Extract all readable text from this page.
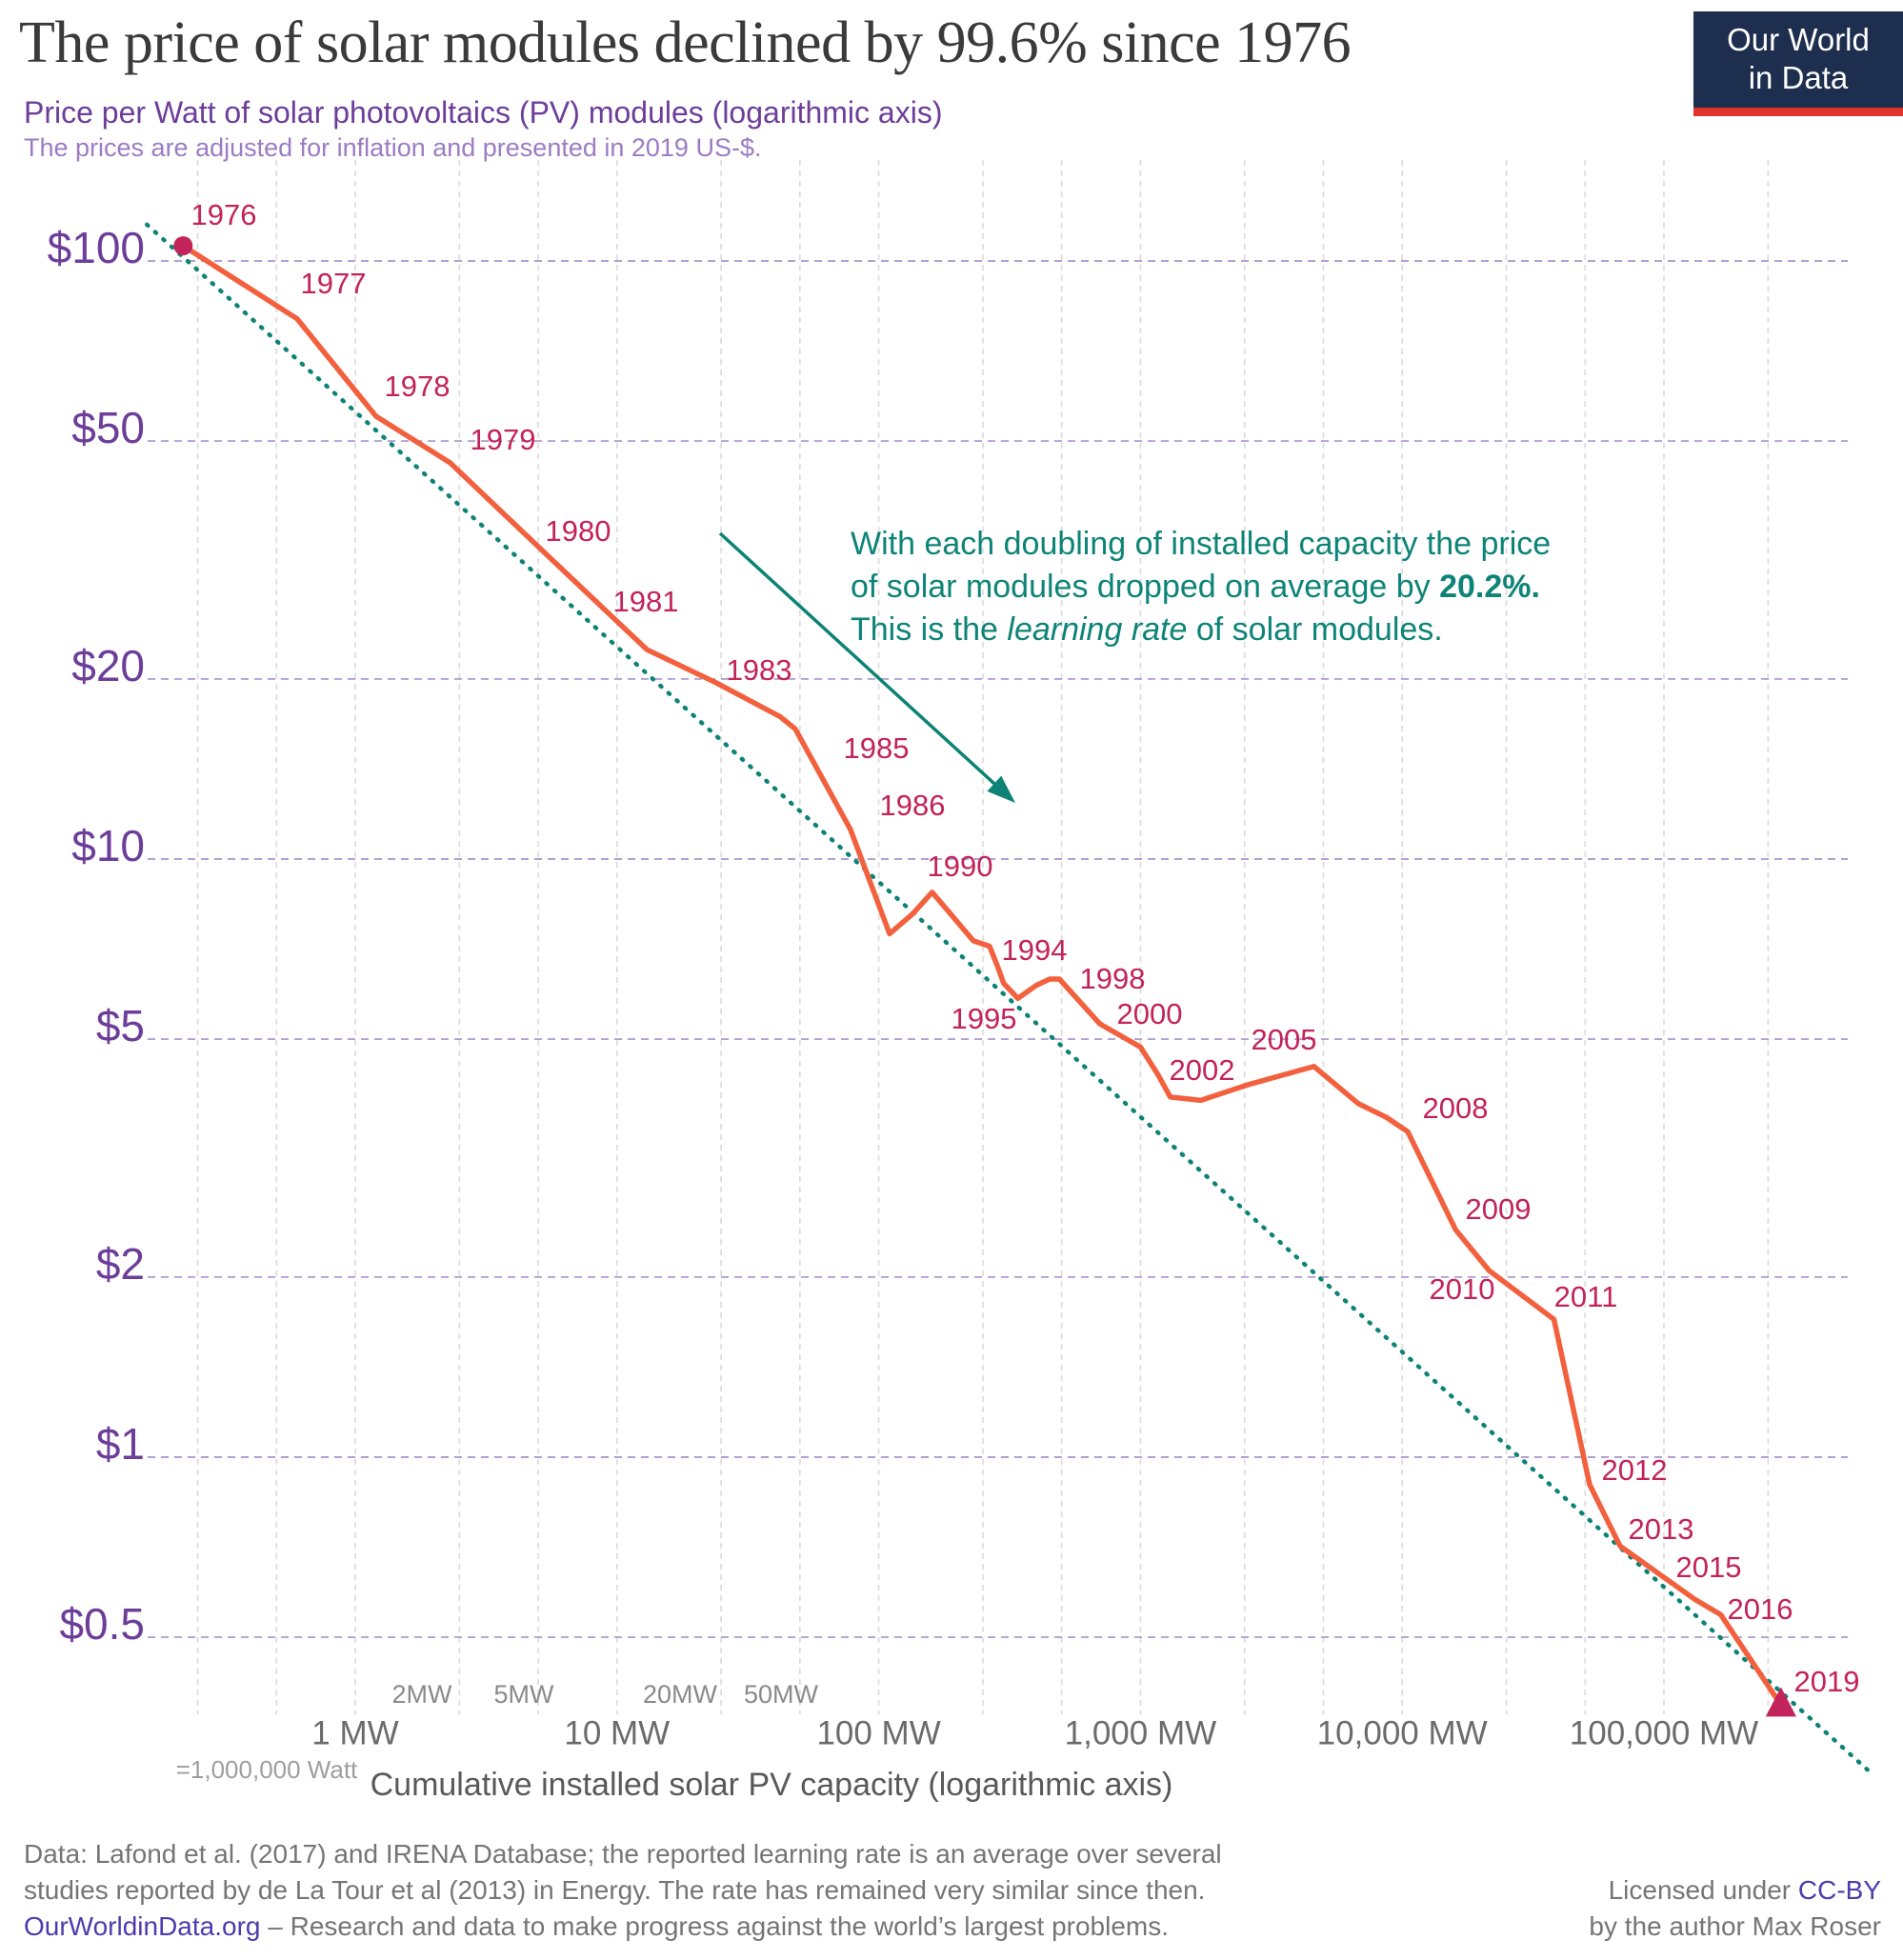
$100
$50
$20
$10
$5
$2
$1
$0.5
1976
1977
1978
1979
1980
1981
1983
1985
1986
1990
1994
1995
1998
2000
2002
2005
2008
2009
2010 2011
2012
2013
2015
2016
2019
1 MW	10 MW	100 MW	1,000 MW	10,000 MW 100,000 MW
2MW 5MW	20MW 50MW
=1,000,000 Watt Cumulative installed solar PV capacity (logarithmic axis)
The price of solar modules declined by 99.6% since 1976	Our World
in Data
Price per Watt of solar photovoltaics (PV) modules (logarithmic axis)
The prices are adjusted for inflation and presented in 2019 US-$.
With each doubling of installed capacity the price
of solar modules dropped on average by 20.2%.
This is the learning rate of solar modules.
Data: Lafond et al. (2017) and IRENA Database; the reported learning rate is an average over several
studies reported by de La Tour et al (2013) in Energy. The rate has remained very similar since then.
OurWorldinData.org – Research and data to make progress against the world’s largest problems.
Licensed under CC-BY
by the author Max Roser
